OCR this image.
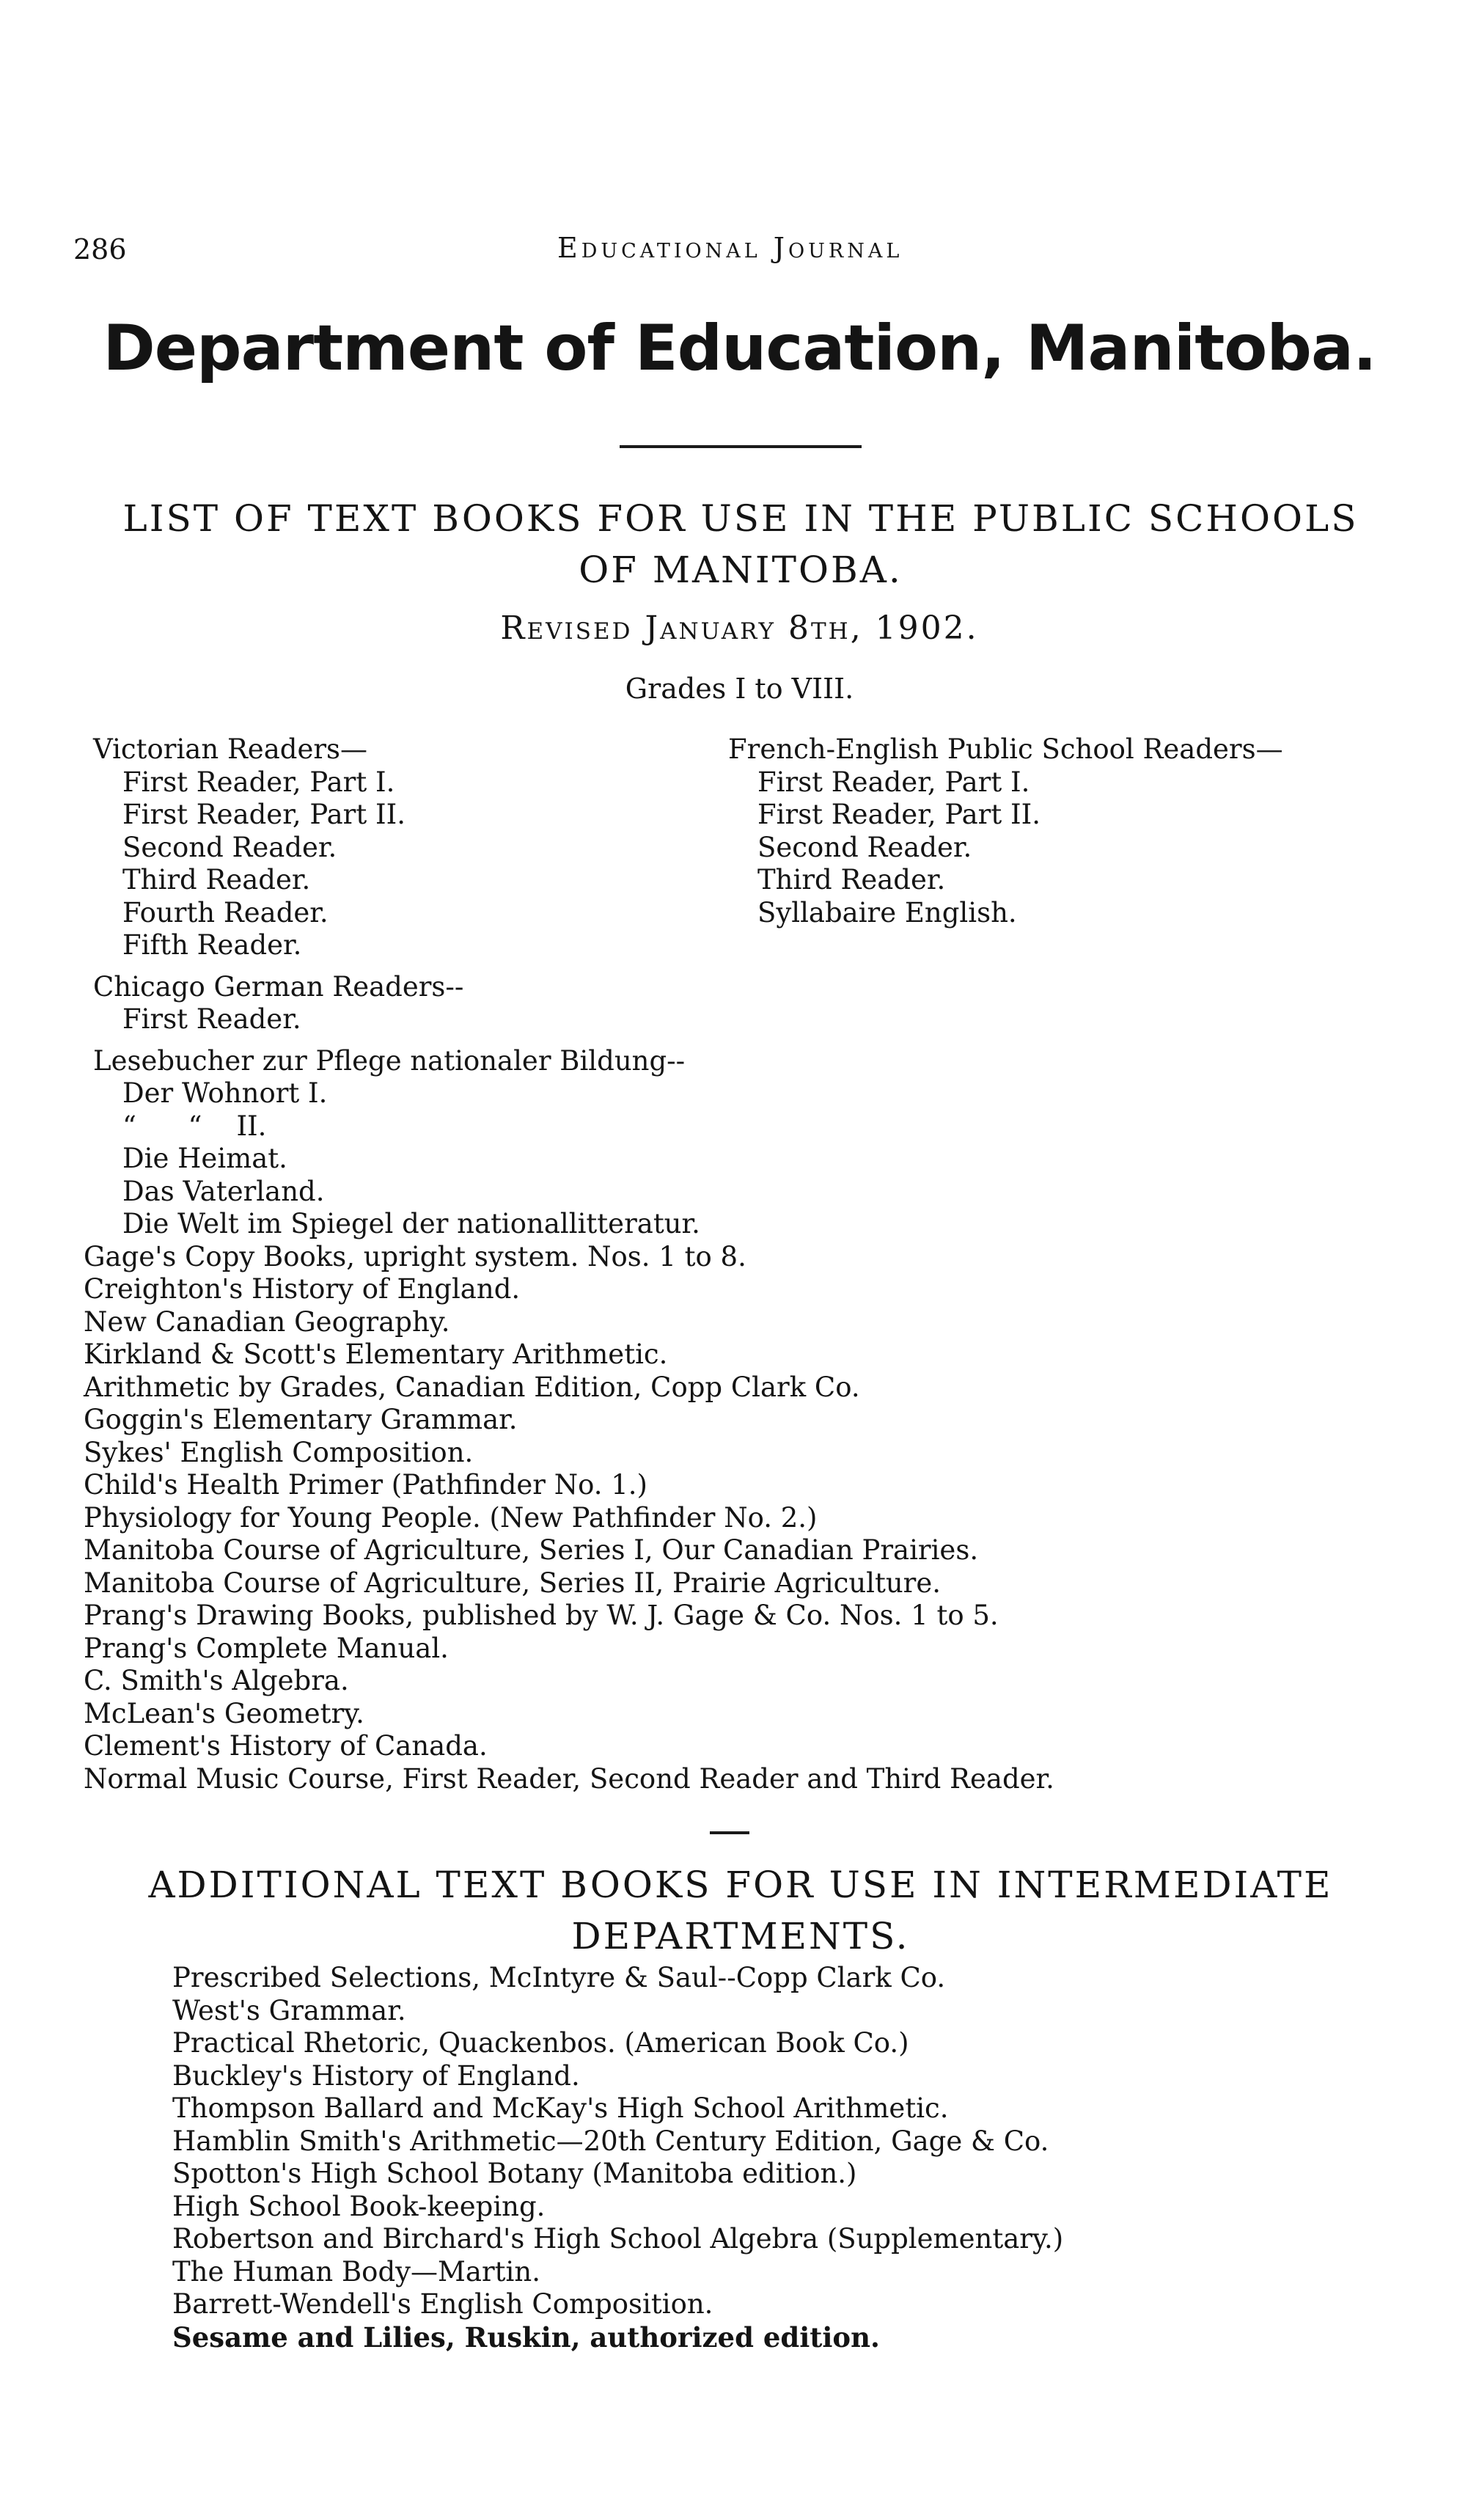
286	Educational Journal
Department of Education, Manitoba.
LIST OF TEXT BOOKS FOR USE IN THE PUBLIC SCHOOLS
OF MANITOBA.
Revised January 8th, 1902.
Grades I to VIII.
Victorian Readers—
First Reader, Part I.
First Reader, Part II.
Second Reader.
Third Reader.
Fourth Reader.
Fifth Reader.
Chicago German Readers--
First Reader.
Lesebucher zur Pflege nationaler Bildung--
Der Wohnort I.
“      “    II.
Die Heimat.
Das Vaterland.
Die Welt im Spiegel der nationallitteratur.
Gage's Copy Books, upright system. Nos. 1 to 8.
Creighton's History of England.
New Canadian Geography.
Kirkland & Scott's Elementary Arithmetic.
Arithmetic by Grades, Canadian Edition, Copp Clark Co.
Goggin's Elementary Grammar.
Sykes' English Composition.
Child's Health Primer (Pathfinder No. 1.)
Physiology for Young People. (New Pathfinder No. 2.)
Manitoba Course of Agriculture, Series I, Our Canadian Prairies.
Manitoba Course of Agriculture, Series II, Prairie Agriculture.
Prang's Drawing Books, published by W. J. Gage & Co. Nos. 1 to 5.
Prang's Complete Manual.
C. Smith's Algebra.
McLean's Geometry.
Clement's History of Canada.
Normal Music Course, First Reader, Second Reader and Third Reader.
French-English Public School Readers—
First Reader, Part I.
First Reader, Part II.
Second Reader.
Third Reader.
Syllabaire English.
ADDITIONAL TEXT BOOKS FOR USE IN INTERMEDIATE
DEPARTMENTS.
Prescribed Selections, McIntyre & Saul--Copp Clark Co.
West's Grammar.
Practical Rhetoric, Quackenbos. (American Book Co.)
Buckley's History of England.
Thompson Ballard and McKay's High School Arithmetic.
Hamblin Smith's Arithmetic—20th Century Edition, Gage & Co.
Spotton's High School Botany (Manitoba edition.)
High School Book-keeping.
Robertson and Birchard's High School Algebra (Supplementary.)
The Human Body—Martin.
Barrett-Wendell's English Composition.
Sesame and Lilies, Ruskin, authorized edition.
